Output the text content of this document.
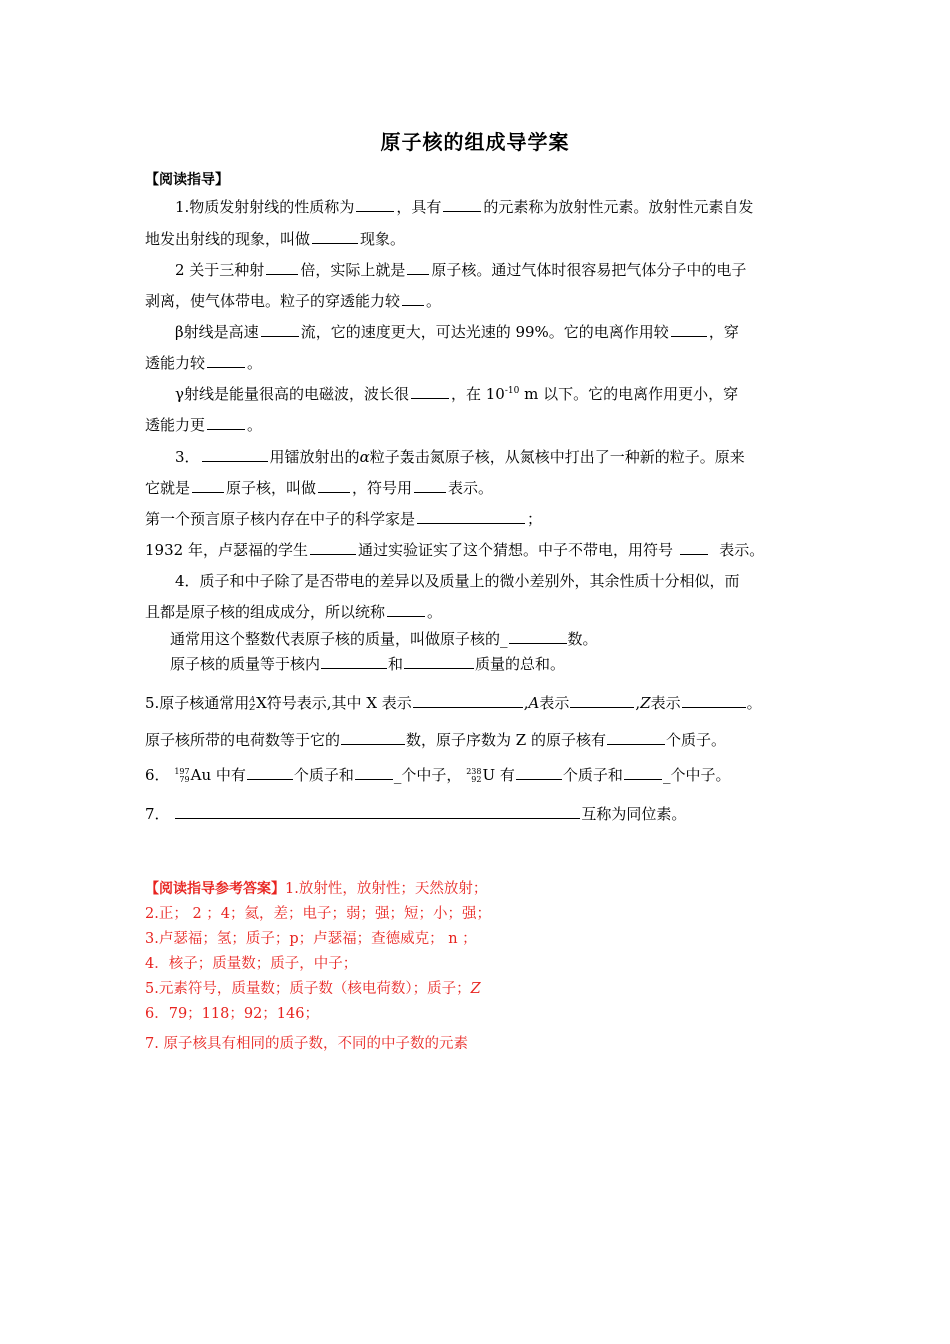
原子核的组成导学案
【阅读指导】
1.物质发射射线的性质称为	，具有	的元素称为放射性元素。放射性元素自发
地发出射线的现象，叫做	现象。
2 关于三种射 倍，实际上就是 原子核。通过气体时很容易把气体分子中的电子
剥离，使气体带电。粒子的穿透能力较 。
β射线是高速	流，它的速度更大，可达光速的 99%。它的电离作用较	，穿
透能力较	。
γ射线是能量很高的电磁波，波长很	，在 $10^{-10}$ m 以下。它的电离作用更小，穿
透能力更	。
3．	用镭放射出的α粒子轰击氮原子核，从氮核中打出了一种新的粒子。原来
它就是 原子核，叫做 ，符号用 表示。
第一个预言原子核内存在中子的科学家是	；
1932 年，卢瑟福的学生	通过实验证实了这个猜想。中子不带电，用符号	表示。
4．质子和中子除了是否带电的差异以及质量上的微小差别外，其余性质十分相似，而
且都是原子核的组成成分，所以统称	。
通常用这个整数代表原子核的质量，叫做原子核的_	数。
原子核的质量等于核内	和	质量的总和。
5.原子核通常用 A
Z X符号表示,其中 X 表示	,A表示	,Z表示	。
原子核所带的电荷数等于它的	数，原子序数为 Z 的原子核有	个质子。
6． 197
79 Au 中有	个质子和	_个中子， 238
92 U 有	个质子和	_个中子。
7．	互称为同位素。
【阅读指导参考答案】1.放射性，放射性；天然放射；
2.正； 2 ；4；氦，差；电子；弱；强；短；小；强；
3.卢瑟福；氢；质子；p；卢瑟福；查德威克； n ；
4．核子；质量数；质子，中子；
5.元素符号，质量数；质子数（核电荷数）；质子；Z
6．79；118；92；146；
7. 原子核具有相同的质子数，不同的中子数的元素
